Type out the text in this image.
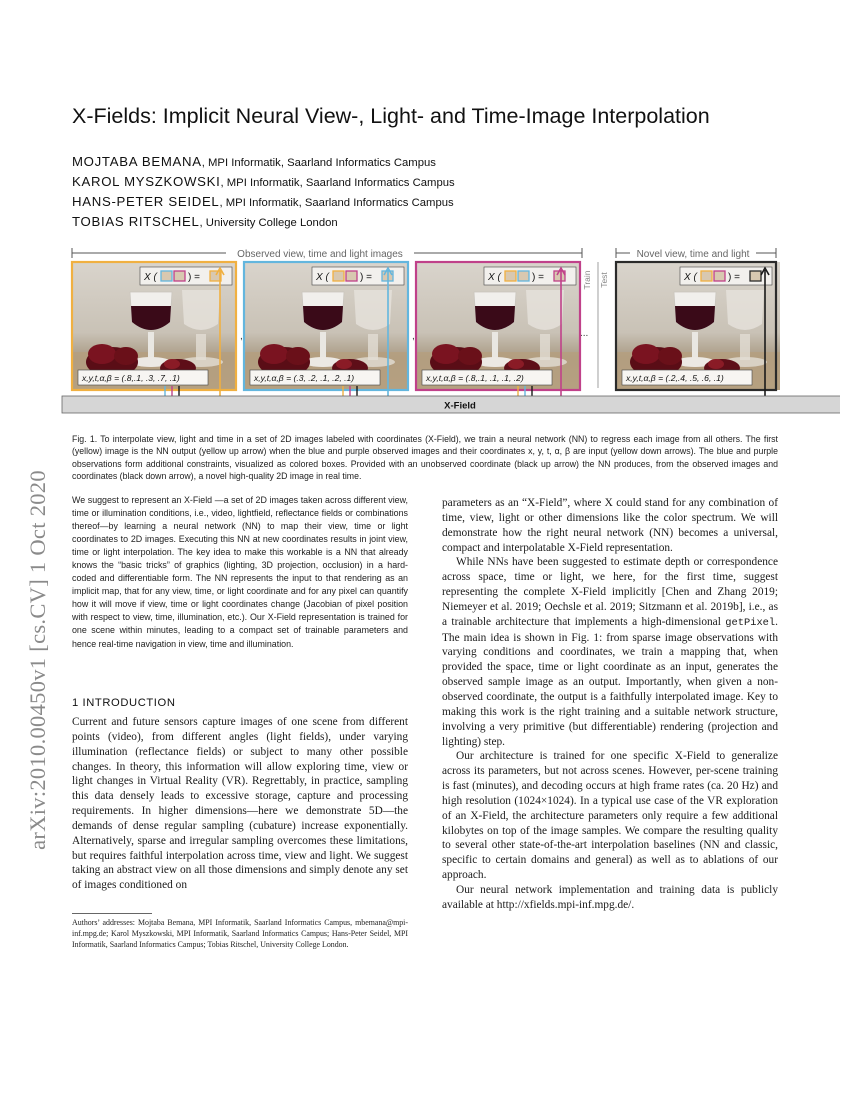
arXiv:2010.00450v1 [cs.CV] 1 Oct 2020
X-Fields: Implicit Neural View-, Light- and Time-Image Interpolation
MOJTABA BEMANA, MPI Informatik, Saarland Informatics Campus
KAROL MYSZKOWSKI, MPI Informatik, Saarland Informatics Campus
HANS-PETER SEIDEL, MPI Informatik, Saarland Informatics Campus
TOBIAS RITSCHEL, University College London
Observed view, time and light images	Novel view, time and light
Train Test
,	,	...
X (	) =
x,y,t,α,β = (.8,.1, .3, .7, .1)
X (	) =
x,y,t,α,β = (.3, .2, .1, .2, .1)
X (	) =
x,y,t,α,β = (.8,.1, .1, .1, .2)
X (	) =
x,y,t,α,β = (.2,.4, .5, .6, .1)
X-Field
Fig. 1. To interpolate view, light and time in a set of 2D images labeled with coordinates (X-Field), we train a neural network (NN) to regress each image from all others. The first (yellow) image is the NN output (yellow up arrow) when the blue and purple observed images and their coordinates x, y, t, α, β are input (yellow down arrows). The blue and purple observations form additional constraints, visualized as colored boxes. Provided with an unobserved coordinate (black up arrow) the NN produces, from the observed images and coordinates (black down arrow), a novel high-quality 2D image in real time.
We suggest to represent an X-Field —a set of 2D images taken across different view, time or illumination conditions, i.e., video, lightfield, reflectance fields or combinations thereof—by learning a neural network (NN) to map their view, time or light coordinates to 2D images. Executing this NN at new coordinates results in joint view, time or light interpolation. The key idea to make this workable is a NN that already knows the “basic tricks” of graphics (lighting, 3D projection, occlusion) in a hard-coded and differentiable form. The NN represents the input to that rendering as an implicit map, that for any view, time, or light coordinate and for any pixel can quantify how it will move if view, time or light coordinates change (Jacobian of pixel position with respect to view, time, illumination, etc.). Our X-Field representation is trained for one scene within minutes, leading to a compact set of trainable parameters and hence real-time navigation in view, time and illumination.
1 INTRODUCTION

Current and future sensors capture images of one scene from different points (video), from different angles (light fields), under varying illumination (reflectance fields) or subject to many other possible changes. In theory, this information will allow exploring time, view or light changes in Virtual Reality (VR). Regrettably, in practice, sampling this data densely leads to excessive storage, capture and processing requirements. In higher dimensions—here we demonstrate 5D—the demands of dense regular sampling (cubature) increase exponentially. Alternatively, sparse and irregular sampling overcomes these limitations, but requires faithful interpolation across time, view and light. We suggest taking an abstract view on all those dimensions and simply denote any set of images conditioned on

parameters as an “X-Field”, where X could stand for any combination of time, view, light or other dimensions like the color spectrum. We will demonstrate how the right neural network (NN) becomes a universal, compact and interpolatable X-Field representation.

While NNs have been suggested to estimate depth or correspondence across space, time or light, we here, for the first time, suggest representing the complete X-Field implicitly [Chen and Zhang 2019; Niemeyer et al. 2019; Oechsle et al. 2019; Sitzmann et al. 2019b], i.e., as a trainable architecture that implements a high-dimensional getPixel. The main idea is shown in Fig. 1: from sparse image observations with varying conditions and coordinates, we train a mapping that, when provided the space, time or light coordinate as an input, generates the observed sample image as an output. Importantly, when given a non-observed coordinate, the output is a faithfully interpolated image. Key to making this work is the right training and a suitable network structure, involving a very primitive (but differentiable) rendering (projection and lighting) step.

Our architecture is trained for one specific X-Field to generalize across its parameters, but not across scenes. However, per-scene training is fast (minutes), and decoding occurs at high frame rates (ca. 20 Hz) and high resolution (1024×1024). In a typical use case of the VR exploration of an X-Field, the architecture parameters only require a few additional kilobytes on top of the image samples. We compare the resulting quality to several other state-of-the-art interpolation baselines (NN and classic, specific to certain domains and general) as well as to ablations of our approach.

Our neural network implementation and training data is publicly available at http://xfields.mpi-inf.mpg.de/.

Authors’ addresses: Mojtaba Bemana, MPI Informatik, Saarland Informatics Campus, mbemana@mpi-inf.mpg.de; Karol Myszkowski, MPI Informatik, Saarland Informatics Campus; Hans-Peter Seidel, MPI Informatik, Saarland Informatics Campus; Tobias Ritschel, University College London.
